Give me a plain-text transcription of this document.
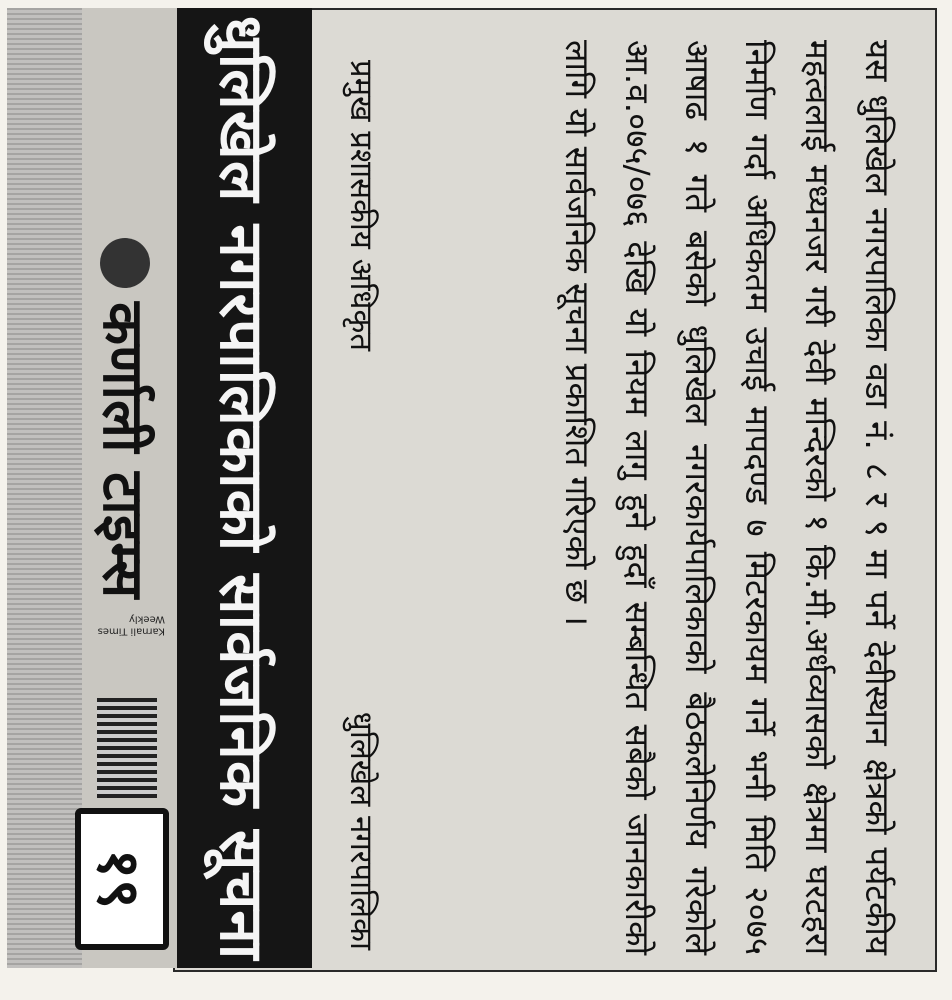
यस धुलिखेल नगरपालिका वडा नं. ८ र ९ मा पर्ने देवीस्थान क्षेत्रको पर्यटकीय महत्वलाई मध्यनजर गरी देवी मन्दिरको १ कि.मी.अर्धव्यासको क्षेत्रमा घरटहरा निर्माण गर्दा अधिकतम उचाई मापदण्ड ७ मिटरकायम गर्ने भनी मिति २०७५ आषाढ १ गते बसेको धुलिखेल नगरकार्यपालिकाको बैठकलेनिर्णय गरेकोले आ.व.०७५/०७६ देखि यो नियम लागु हुने हुदाँ सम्बन्धित सबैको जानकारीको लागि यो सार्वजनिक सूचना प्रकाशित गरिएको छ ।

प्रमुख प्रशासकीय अधिकृत
धुलिखेल नगरपालिका
धुलिखेल नगरपालिकाको सार्वजनिक सूचना
कर्णाली टाइम्स
Karnali Times Weekly
१९
